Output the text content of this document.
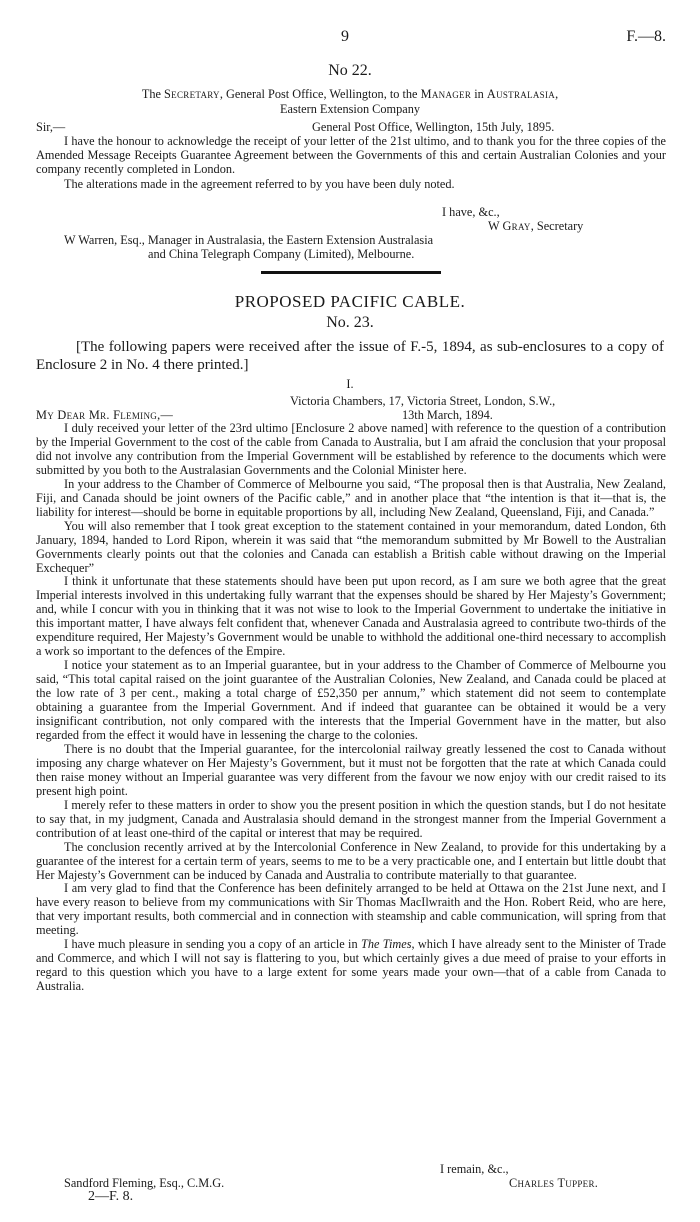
9	F.—8.
No 22.
The Secretary, General Post Office, Wellington, to the Manager in Australasia,
Eastern Extension Company
Sir,—	General Post Office, Wellington, 15th July, 1895.

I have the honour to acknowledge the receipt of your letter of the 21st ultimo, and to thank you for the three copies of the Amended Message Receipts Guarantee Agreement between the Governments of this and certain Australian Colonies and your company recently completed in London.

The alterations made in the agreement referred to by you have been duly noted.

I have, &c.,
W Gray, Secretary
W Warren, Esq., Manager in Australasia, the Eastern Extension Australasia
and China Telegraph Company (Limited), Melbourne.
PROPOSED PACIFIC CABLE.
No. 23.

[The following papers were received after the issue of F.-5, 1894, as sub-enclosures to a copy of Enclosure 2 in No. 4 there printed.]

I.
Victoria Chambers, 17, Victoria Street, London, S.W.,
My Dear Mr. Fleming,—	13th March, 1894.

I duly received your letter of the 23rd ultimo [Enclosure 2 above named] with reference to the question of a contribution by the Imperial Government to the cost of the cable from Canada to Australia, but I am afraid the conclusion that your proposal did not involve any contribution from the Imperial Government will be established by reference to the documents which were submitted by you both to the Australasian Governments and the Colonial Minister here.

In your address to the Chamber of Commerce of Melbourne you said, “The proposal then is that Australia, New Zealand, Fiji, and Canada should be joint owners of the Pacific cable,” and in another place that “the intention is that it—that is, the liability for interest—should be borne in equitable proportions by all, including New Zealand, Queensland, Fiji, and Canada.”

You will also remember that I took great exception to the statement contained in your memorandum, dated London, 6th January, 1894, handed to Lord Ripon, wherein it was said that “the memorandum submitted by Mr Bowell to the Australian Governments clearly points out that the colonies and Canada can establish a British cable without drawing on the Imperial Exchequer”

I think it unfortunate that these statements should have been put upon record, as I am sure we both agree that the great Imperial interests involved in this undertaking fully warrant that the expenses should be shared by Her Majesty’s Government; and, while I concur with you in thinking that it was not wise to look to the Imperial Government to undertake the initiative in this important matter, I have always felt confident that, whenever Canada and Australasia agreed to contribute two-thirds of the expenditure required, Her Majesty’s Government would be unable to withhold the additional one-third necessary to accomplish a work so important to the defences of the Empire.

I notice your statement as to an Imperial guarantee, but in your address to the Chamber of Commerce of Melbourne you said, “This total capital raised on the joint guarantee of the Australian Colonies, New Zealand, and Canada could be placed at the low rate of 3 per cent., making a total charge of £52,350 per annum,” which statement did not seem to contemplate obtaining a guarantee from the Imperial Government. And if indeed that guarantee can be obtained it would be a very insignificant contribution, not only compared with the interests that the Imperial Government have in the matter, but also regarded from the effect it would have in lessening the charge to the colonies.

There is no doubt that the Imperial guarantee, for the intercolonial railway greatly lessened the cost to Canada without imposing any charge whatever on Her Majesty’s Government, but it must not be forgotten that the rate at which Canada could then raise money without an Imperial guarantee was very different from the favour we now enjoy with our credit raised to its present high point.

I merely refer to these matters in order to show you the present position in which the question stands, but I do not hesitate to say that, in my judgment, Canada and Australasia should demand in the strongest manner from the Imperial Government a contribution of at least one-third of the capital or interest that may be required.

The conclusion recently arrived at by the Intercolonial Conference in New Zealand, to provide for this undertaking by a guarantee of the interest for a certain term of years, seems to me to be a very practicable one, and I entertain but little doubt that Her Majesty’s Government can be induced by Canada and Australia to contribute materially to that guarantee.

I am very glad to find that the Conference has been definitely arranged to be held at Ottawa on the 21st June next, and I have every reason to believe from my communications with Sir Thomas MacIlwraith and the Hon. Robert Reid, who are here, that very important results, both commercial and in connection with steamship and cable communication, will spring from that meeting.

I have much pleasure in sending you a copy of an article in The Times, which I have already sent to the Minister of Trade and Commerce, and which I will not say is flattering to you, but which certainly gives a due meed of praise to your efforts in regard to this question which you have to a large extent for some years made your own—that of a cable from Canada to Australia.

I remain, &c.,
Sandford Fleming, Esq., C.M.G.	Charles Tupper.
2—F. 8.
